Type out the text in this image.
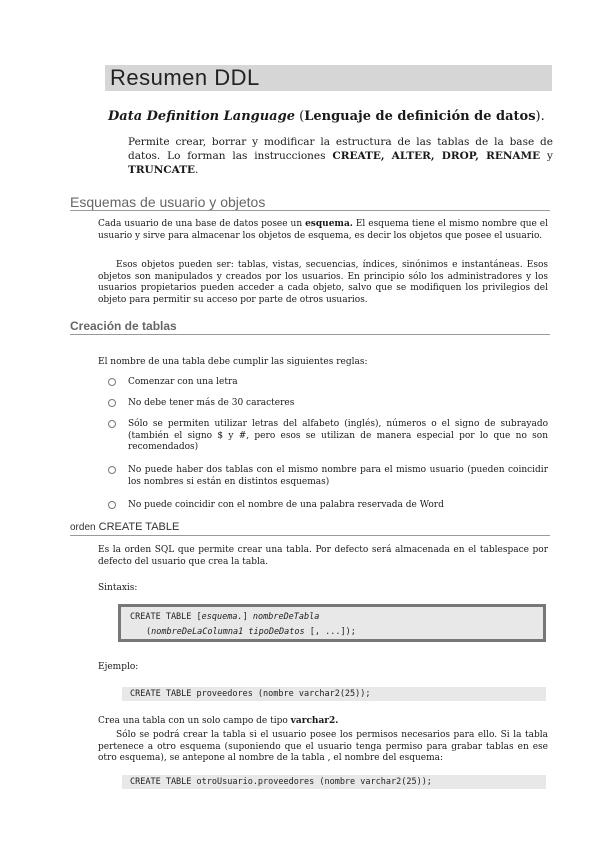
Resumen DDL
Data Definition Language (Lenguaje de definición de datos).
Permite crear, borrar y modificar la estructura de las tablas de la base de datos. Lo forman las instrucciones CREATE, ALTER, DROP, RENAME y TRUNCATE.
Esquemas de usuario y objetos
Cada usuario de una base de datos posee un esquema. El esquema tiene el mismo nombre que el usuario y sirve para almacenar los objetos de esquema, es decir los objetos que posee el usuario.
Esos objetos pueden ser: tablas, vistas, secuencias, índices, sinónimos e instantáneas. Esos objetos son manipulados y creados por los usuarios. En principio sólo los administradores y los usuarios propietarios pueden acceder a cada objeto, salvo que se modifiquen los privilegios del objeto para permitir su acceso por parte de otros usuarios.
Creación de tablas
El nombre de una tabla debe cumplir las siguientes reglas:
Comenzar con una letra
No debe tener más de 30 caracteres
Sólo se permiten utilizar letras del alfabeto (inglés), números o el signo de subrayado (también el signo $ y #, pero esos se utilizan de manera especial por lo que no son recomendados)
No puede haber dos tablas con el mismo nombre para el mismo usuario (pueden coincidir los nombres si están en distintos esquemas)
No puede coincidir con el nombre de una palabra reservada de Word
orden CREATE TABLE
Es la orden SQL que permite crear una tabla. Por defecto será almacenada en el tablespace por defecto del usuario que crea la tabla.
Sintaxis:
CREATE TABLE [esquema.] nombreDeTabla
(nombreDeLaColumna1 tipoDeDatos [, ...]);
Ejemplo:
CREATE TABLE proveedores (nombre varchar2(25));
Crea una tabla con un solo campo de tipo varchar2.
Sólo se podrá crear la tabla si el usuario posee los permisos necesarios para ello. Si la tabla pertenece a otro esquema (suponiendo que el usuario tenga permiso para grabar tablas en ese otro esquema), se antepone al nombre de la tabla , el nombre del esquema:
CREATE TABLE otroUsuario.proveedores (nombre varchar2(25));
